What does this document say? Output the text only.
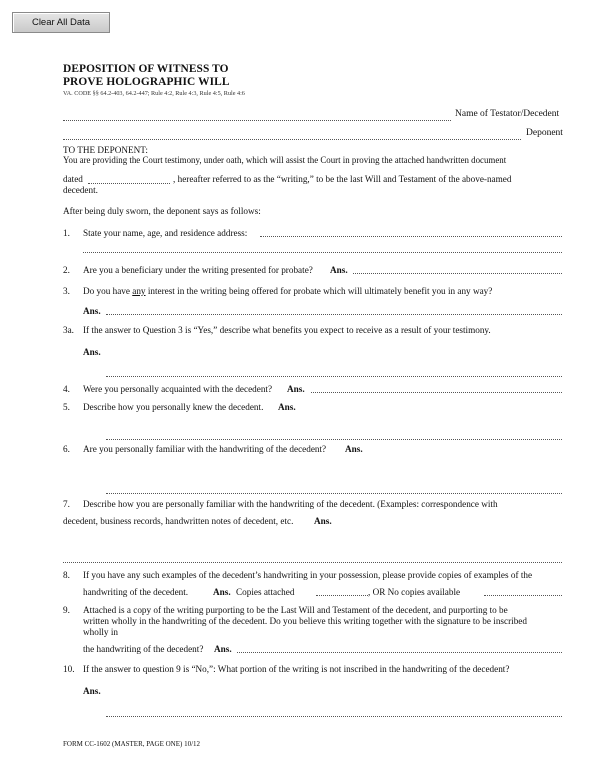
Clear All Data
DEPOSITION OF WITNESS TO
PROVE HOLOGRAPHIC WILL
VA. CODE §§ 64.2-403, 64.2-447; Rule 4:2, Rule 4:3, Rule 4:5, Rule 4:6
Name of Testator/Decedent
Deponent
TO THE DEPONENT:
You are providing the Court testimony, under oath, which will assist the Court in proving the attached handwritten document
dated	, hereafter referred to as the “writing,” to be the last Will and Testament of the above-named
decedent.
After being duly sworn, the deponent says as follows:
1.	State your name, age, and residence address:
2.	Are you a beneficiary under the writing presented for probate? Ans.
3.	Do you have any interest in the writing being offered for probate which will ultimately benefit you in any way?
Ans.
3a. If the answer to Question 3 is “Yes,” describe what benefits you expect to receive as a result of your testimony.
Ans.
4.	Were you personally acquainted with the decedent? Ans.
5.	Describe how you personally knew the decedent. Ans.
6.	Are you personally familiar with the handwriting of the decedent? Ans.
7.	Describe how you are personally familiar with the handwriting of the decedent. (Examples: correspondence with
decedent, business records, handwritten notes of decedent, etc. Ans.
8.	If you have any such examples of the decedent’s handwriting in your possession, please provide copies of examples of the
handwriting of the decedent.	Ans. Copies attached	, OR No copies available
9.	Attached is a copy of the writing purporting to be the Last Will and Testament of the decedent, and purporting to be
written wholly in the handwriting of the decedent. Do you believe this writing together with the signature to be inscribed
wholly in
the handwriting of the decedent? Ans.
10. If the answer to question 9 is “No,”: What portion of the writing is not inscribed in the handwriting of the decedent?
Ans.
FORM CC-1602 (MASTER, PAGE ONE) 10/12
